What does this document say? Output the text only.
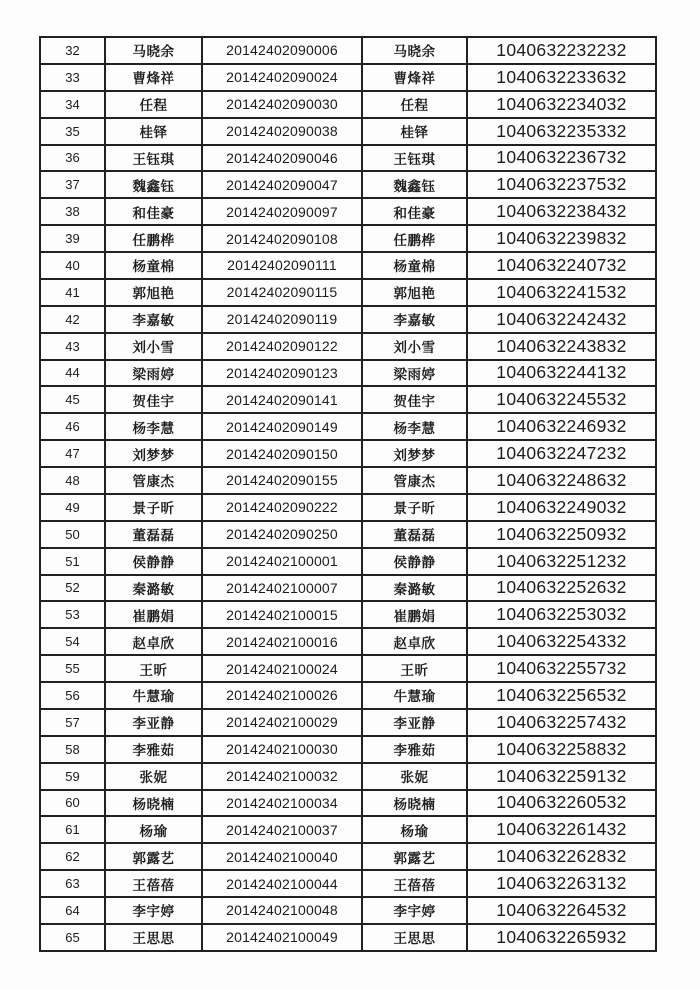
32	马晓余	20142402090006	马晓余	1040632232232
33	曹烽祥	20142402090024	曹烽祥	1040632233632
34	任程	20142402090030	任程	1040632234032
35	桂铎	20142402090038	桂铎	1040632235332
36	王钰琪	20142402090046	王钰琪	1040632236732
37	魏鑫钰	20142402090047	魏鑫钰	1040632237532
38	和佳豪	20142402090097	和佳豪	1040632238432
39	任鹏桦	20142402090108	任鹏桦	1040632239832
40	杨童棉	20142402090111	杨童棉	1040632240732
41	郭旭艳	20142402090115	郭旭艳	1040632241532
42	李嘉敏	20142402090119	李嘉敏	1040632242432
43	刘小雪	20142402090122	刘小雪	1040632243832
44	梁雨婷	20142402090123	梁雨婷	1040632244132
45	贺佳宇	20142402090141	贺佳宇	1040632245532
46	杨李慧	20142402090149	杨李慧	1040632246932
47	刘梦梦	20142402090150	刘梦梦	1040632247232
48	管康杰	20142402090155	管康杰	1040632248632
49	景子昕	20142402090222	景子昕	1040632249032
50	董磊磊	20142402090250	董磊磊	1040632250932
51	侯静静	20142402100001	侯静静	1040632251232
52	秦潞敏	20142402100007	秦潞敏	1040632252632
53	崔鹏娟	20142402100015	崔鹏娟	1040632253032
54	赵卓欣	20142402100016	赵卓欣	1040632254332
55	王昕	20142402100024	王昕	1040632255732
56	牛慧瑜	20142402100026	牛慧瑜	1040632256532
57	李亚静	20142402100029	李亚静	1040632257432
58	李雅茹	20142402100030	李雅茹	1040632258832
59	张妮	20142402100032	张妮	1040632259132
60	杨晓楠	20142402100034	杨晓楠	1040632260532
61	杨瑜	20142402100037	杨瑜	1040632261432
62	郭露艺	20142402100040	郭露艺	1040632262832
63	王蓓蓓	20142402100044	王蓓蓓	1040632263132
64	李宇婷	20142402100048	李宇婷	1040632264532
65	王思思	20142402100049	王思思	1040632265932
